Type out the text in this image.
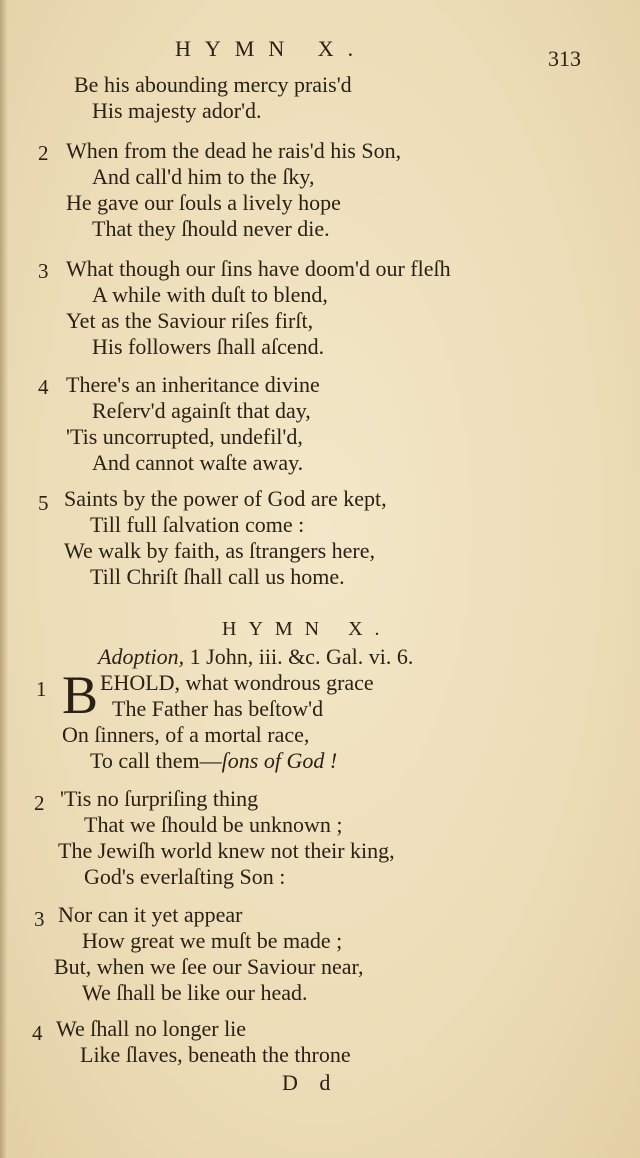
HYMN X.	313
Be his abounding mercy prais'd
His majesty ador'd.
2 When from the dead he rais'd his Son,
And call'd him to the ſky,
He gave our ſouls a lively hope
That they ſhould never die.
3 What though our ſins have doom'd our fleſh
A while with duſt to blend,
Yet as the Saviour riſes firſt,
His followers ſhall aſcend.
4 There's an inheritance divine
Reſerv'd againſt that day,
'Tis uncorrupted, undefil'd,
And cannot waſte away.
5 Saints by the power of God are kept,
Till full ſalvation come :
We walk by faith, as ſtrangers here,
Till Chriſt ſhall call us home.
HYMN X.
Adoption, 1 John, iii. &c. Gal. vi. 6.
1 B EHOLD, what wondrous grace
The Father has beſtow'd
On ſinners, of a mortal race,
To call them—ſons of God !
2 'Tis no ſurpriſing thing
That we ſhould be unknown ;
The Jewiſh world knew not their king,
God's everlaſting Son :
3 Nor can it yet appear
How great we muſt be made ;
But, when we ſee our Saviour near,
We ſhall be like our head.
4 We ſhall no longer lie
Like ſlaves, beneath the throne
D d
